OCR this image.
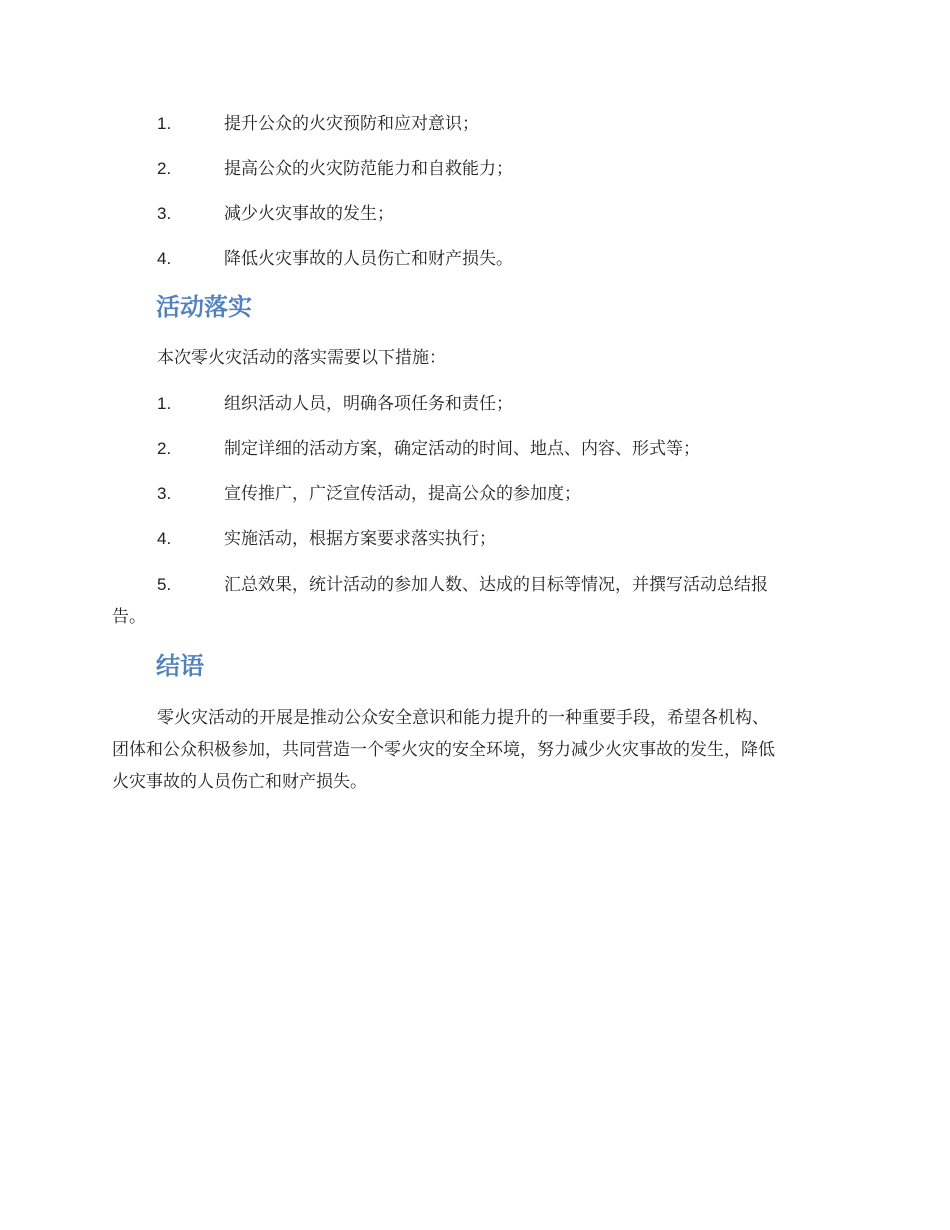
1.	提升公众的火灾预防和应对意识；
2.	提高公众的火灾防范能力和自救能力；
3.	减少火灾事故的发生；
4.	降低火灾事故的人员伤亡和财产损失。
活动落实
本次零火灾活动的落实需要以下措施：
1.	组织活动人员，明确各项任务和责任；
2.	制定详细的活动方案，确定活动的时间、地点、内容、形式等；
3.	宣传推广，广泛宣传活动，提高公众的参加度；
4.	实施活动，根据方案要求落实执行；
5.	汇总效果，统计活动的参加人数、达成的目标等情况，并撰写活动总结报
告。
结语
零火灾活动的开展是推动公众安全意识和能力提升的一种重要手段，希望各机构、
团体和公众积极参加，共同营造一个零火灾的安全环境，努力减少火灾事故的发生，降低
火灾事故的人员伤亡和财产损失。
